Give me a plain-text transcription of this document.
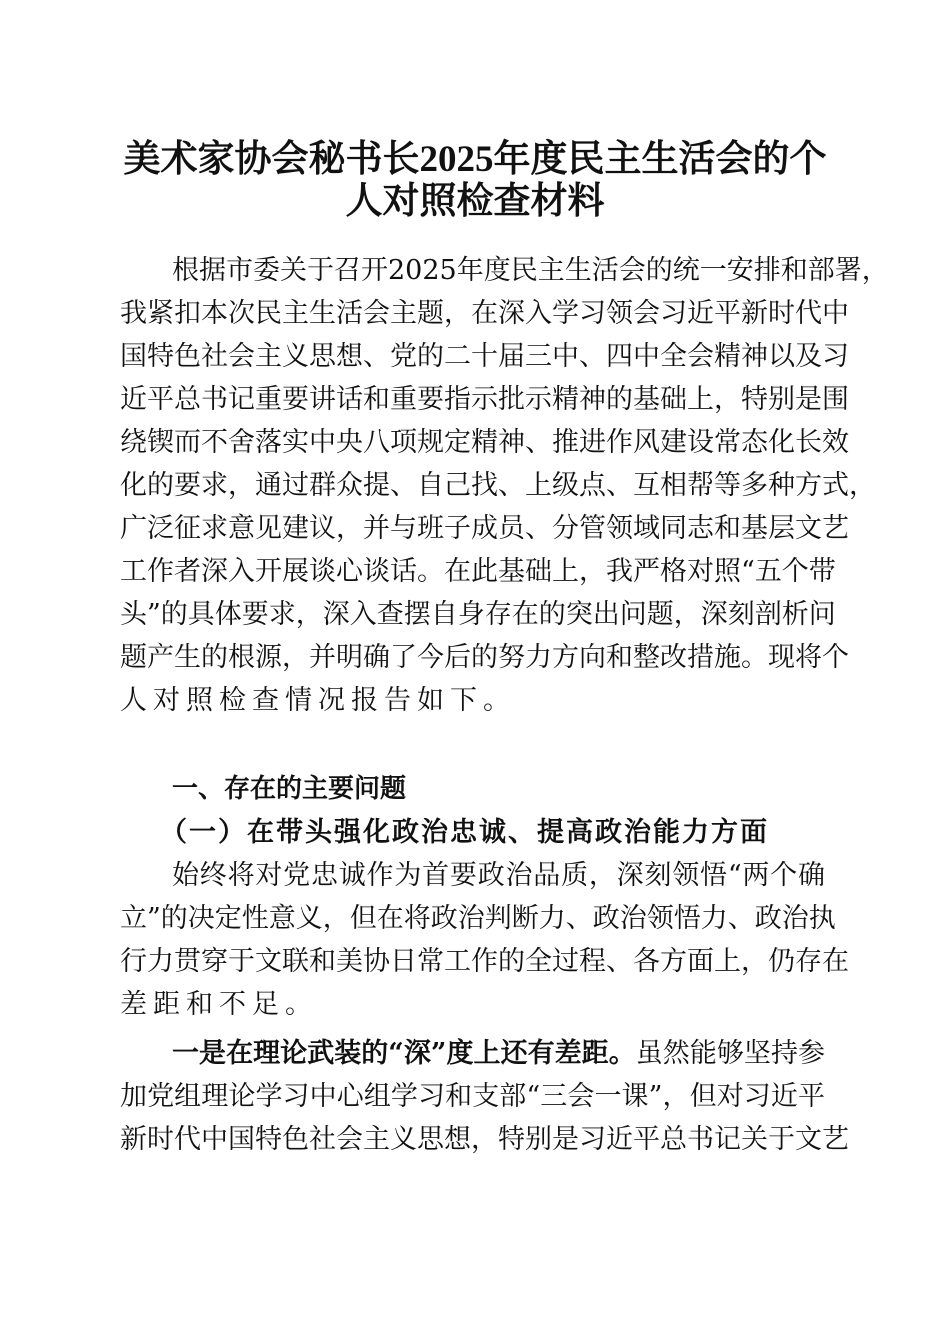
美术家协会秘书长2025年度民主生活会的个
人对照检查材料
根据市委关于召开2025年度民主生活会的统一安排和部署，
我紧扣本次民主生活会主题，在深入学习领会习近平新时代中
国特色社会主义思想、党的二十届三中、四中全会精神以及习
近平总书记重要讲话和重要指示批示精神的基础上，特别是围
绕锲而不舍落实中央八项规定精神、推进作风建设常态化长效
化的要求，通过群众提、自己找、上级点、互相帮等多种方式，
广泛征求意见建议，并与班子成员、分管领域同志和基层文艺
工作者深入开展谈心谈话。在此基础上，我严格对照“五个带
头”的具体要求，深入查摆自身存在的突出问题，深刻剖析问
题产生的根源，并明确了今后的努力方向和整改措施。现将个
人对照检查情况报告如下。
一、存在的主要问题
（一）在带头强化政治忠诚、提高政治能力方面
始终将对党忠诚作为首要政治品质，深刻领悟“两个确
立”的决定性意义，但在将政治判断力、政治领悟力、政治执
行力贯穿于文联和美协日常工作的全过程、各方面上，仍存在
差距和不足。
一是在理论武装的“深”度上还有差距。虽然能够坚持参
加党组理论学习中心组学习和支部“三会一课”，但对习近平
新时代中国特色社会主义思想，特别是习近平总书记关于文艺
